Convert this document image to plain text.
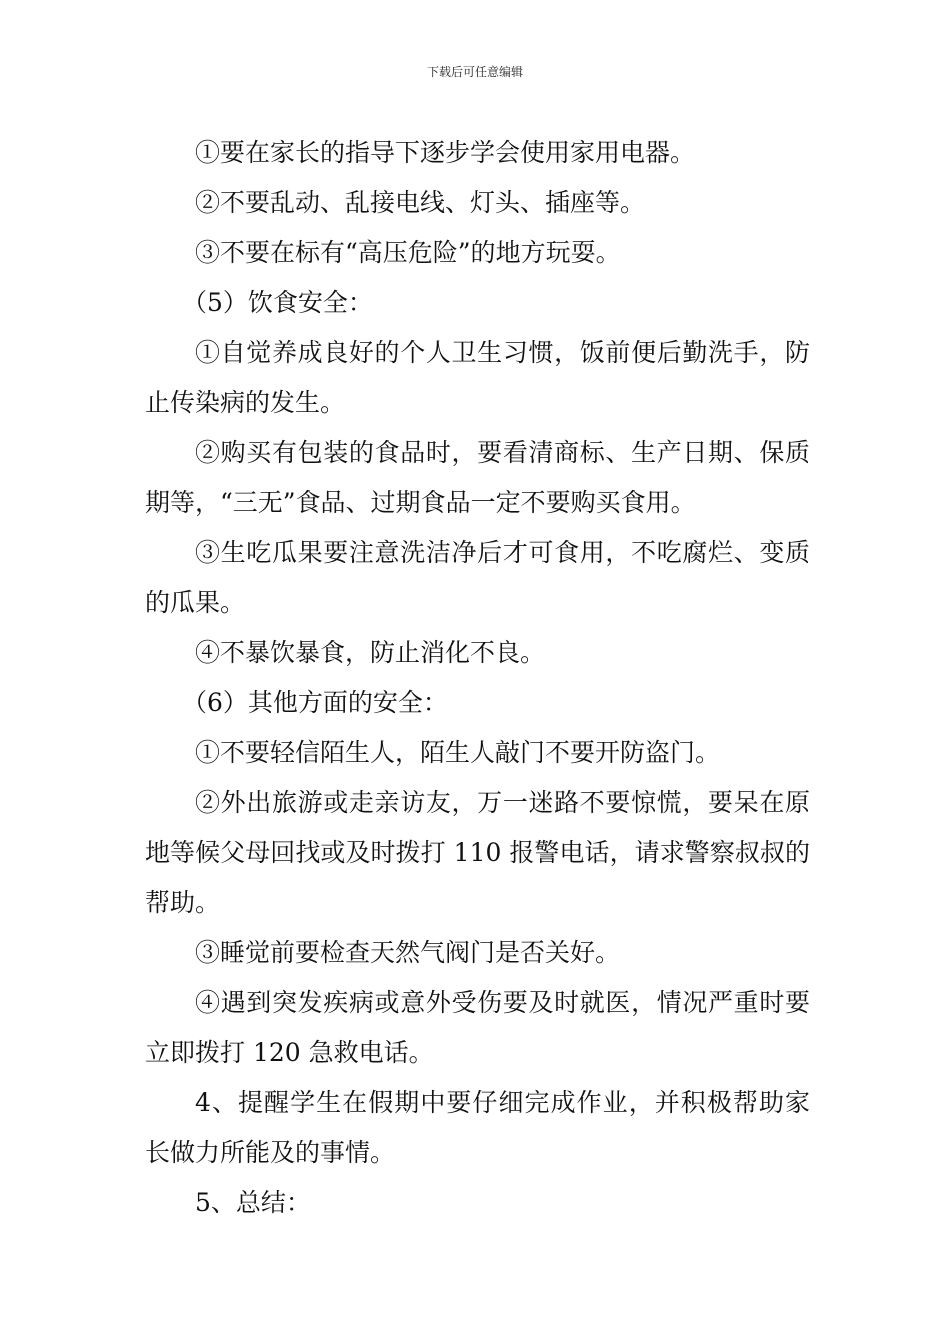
下载后可任意编辑

①要在家长的指导下逐步学会使用家用电器。

②不要乱动、乱接电线、灯头、插座等。

③不要在标有“高压危险”的地方玩耍。

（5）饮食安全：

①自觉养成良好的个人卫生习惯，饭前便后勤洗手，防止传染病的发生。

②购买有包装的食品时，要看清商标、生产日期、保质期等，“三无”食品、过期食品一定不要购买食用。

③生吃瓜果要注意洗洁净后才可食用，不吃腐烂、变质的瓜果。

④不暴饮暴食，防止消化不良。

（6）其他方面的安全：

①不要轻信陌生人，陌生人敲门不要开防盗门。

②外出旅游或走亲访友，万一迷路不要惊慌，要呆在原地等候父母回找或及时拨打 110 报警电话，请求警察叔叔的帮助。

③睡觉前要检查天然气阀门是否关好。

④遇到突发疾病或意外受伤要及时就医，情况严重时要立即拨打 120 急救电话。

4、提醒学生在假期中要仔细完成作业，并积极帮助家长做力所能及的事情。

5、总结：
